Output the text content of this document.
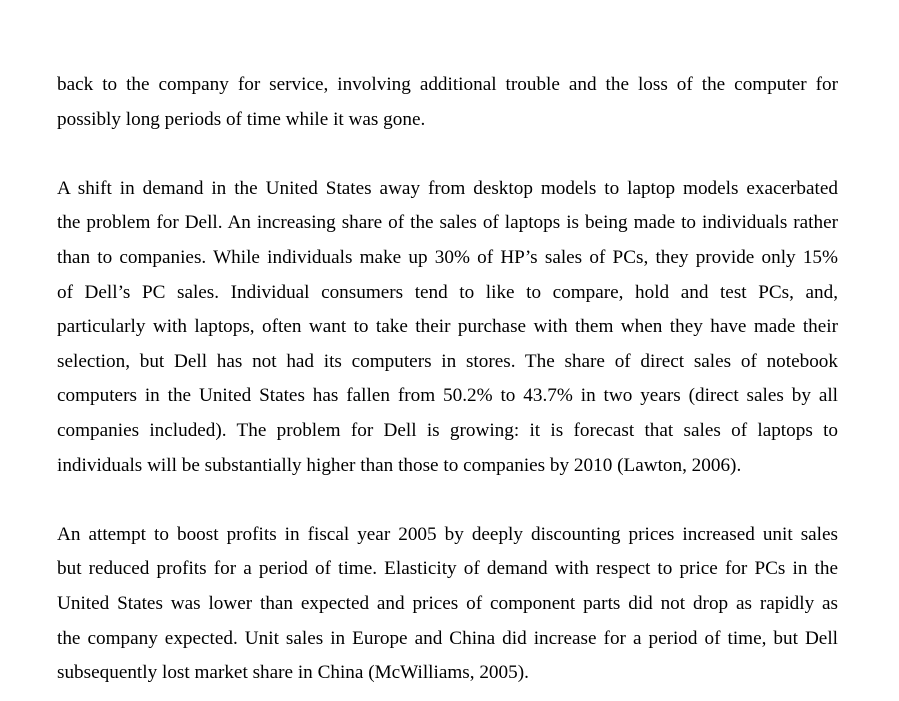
back to the company for service, involving additional trouble and the loss of the computer for
possibly long periods of time while it was gone.

A shift in demand in the United States away from desktop models to laptop models exacerbated
the problem for Dell. An increasing share of the sales of laptops is being made to individuals rather
than to companies. While individuals make up 30% of HP’s sales of PCs, they provide only 15%
of Dell’s PC sales. Individual consumers tend to like to compare, hold and test PCs, and,
particularly with laptops, often want to take their purchase with them when they have made their
selection, but Dell has not had its computers in stores. The share of direct sales of notebook
computers in the United States has fallen from 50.2% to 43.7% in two years (direct sales by all
companies included). The problem for Dell is growing: it is forecast that sales of laptops to
individuals will be substantially higher than those to companies by 2010 (Lawton, 2006).

An attempt to boost profits in fiscal year 2005 by deeply discounting prices increased unit sales
but reduced profits for a period of time. Elasticity of demand with respect to price for PCs in the
United States was lower than expected and prices of component parts did not drop as rapidly as
the company expected. Unit sales in Europe and China did increase for a period of time, but Dell
subsequently lost market share in China (McWilliams, 2005).
